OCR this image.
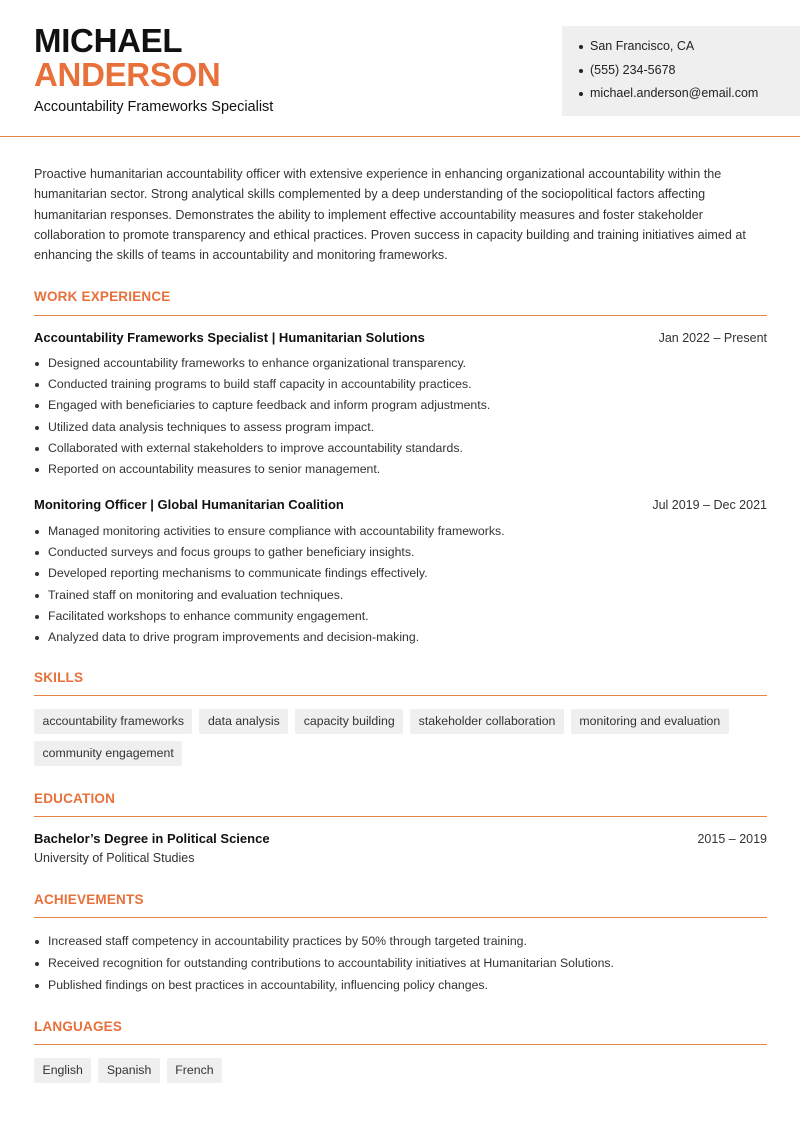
MICHAEL
ANDERSON
Accountability Frameworks Specialist
San Francisco, CA
(555) 234-5678
michael.anderson@email.com

Proactive humanitarian accountability officer with extensive experience in enhancing organizational accountability within the humanitarian sector. Strong analytical skills complemented by a deep understanding of the sociopolitical factors affecting humanitarian responses. Demonstrates the ability to implement effective accountability measures and foster stakeholder collaboration to promote transparency and ethical practices. Proven success in capacity building and training initiatives aimed at enhancing the skills of teams in accountability and monitoring frameworks.

WORK EXPERIENCE
Accountability Frameworks Specialist | Humanitarian Solutions	Jan 2022 – Present
Designed accountability frameworks to enhance organizational transparency.
Conducted training programs to build staff capacity in accountability practices.
Engaged with beneficiaries to capture feedback and inform program adjustments.
Utilized data analysis techniques to assess program impact.
Collaborated with external stakeholders to improve accountability standards.
Reported on accountability measures to senior management.
Monitoring Officer | Global Humanitarian Coalition	Jul 2019 – Dec 2021
Managed monitoring activities to ensure compliance with accountability frameworks.
Conducted surveys and focus groups to gather beneficiary insights.
Developed reporting mechanisms to communicate findings effectively.
Trained staff on monitoring and evaluation techniques.
Facilitated workshops to enhance community engagement.
Analyzed data to drive program improvements and decision-making.
SKILLS
accountability frameworks	data analysis	capacity building	stakeholder collaboration	monitoring and evaluation
community engagement
EDUCATION
Bachelor’s Degree in Political Science	2015 – 2019
University of Political Studies
ACHIEVEMENTS
Increased staff competency in accountability practices by 50% through targeted training.
Received recognition for outstanding contributions to accountability initiatives at Humanitarian Solutions.
Published findings on best practices in accountability, influencing policy changes.
LANGUAGES
English	Spanish	French
